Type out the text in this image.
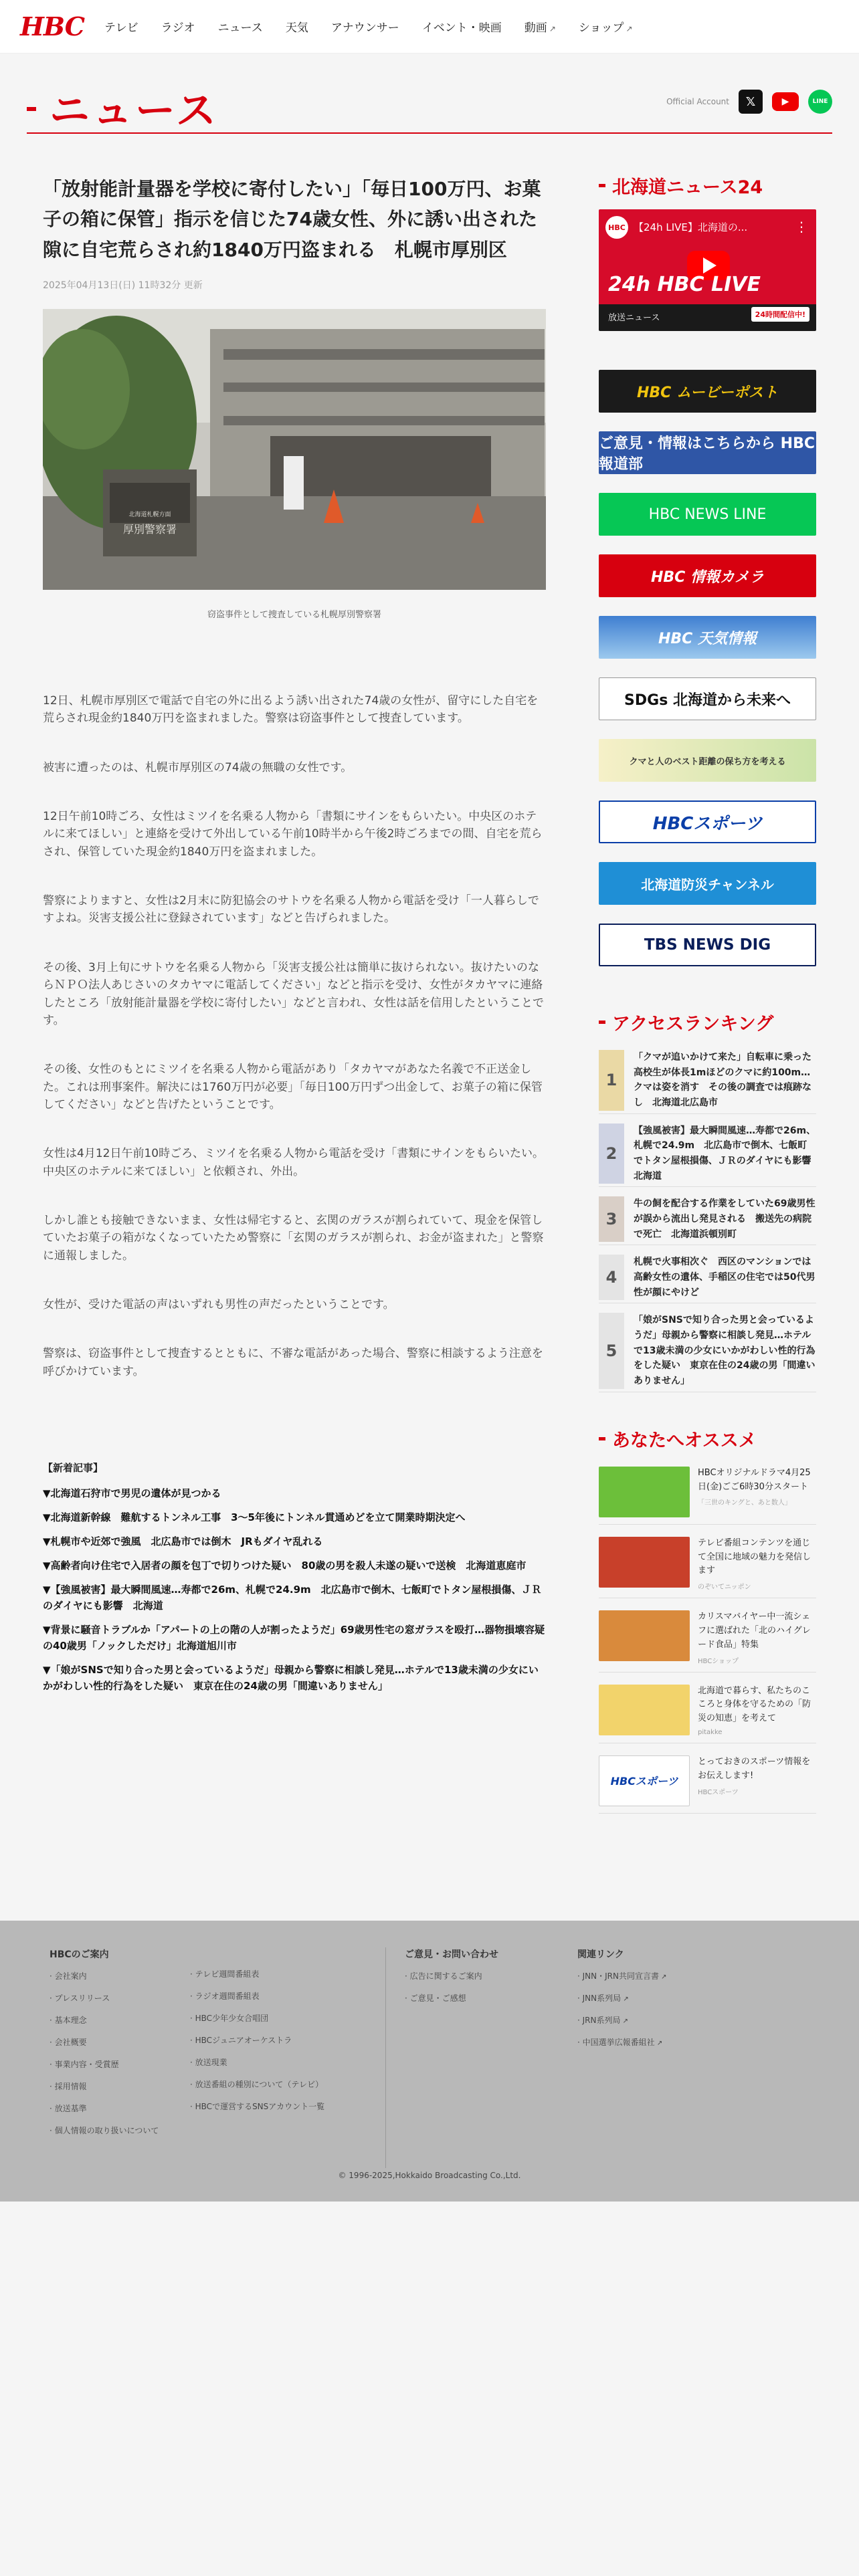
HBC テレビ ラジオ ニュース 天気 アナウンサー イベント・映画 動画 ↗	ショップ ↗
ニュース	Official Account	𝕏	▶	LINE
「放射能計量器を学校に寄付したい」「毎日100万円、お菓子の箱に保管」指示を信じた74歳女性、外に誘い出された隙に自宅荒らされ約1840万円盗まれる　札幌市厚別区
2025年04月13日(日) 11時32分 更新
北海道札幌方面
厚別警察署
窃盗事件として捜査している札幌厚別警察署

12日、札幌市厚別区で電話で自宅の外に出るよう誘い出された74歳の女性が、留守にした自宅を荒らされ現金約1840万円を盗まれました。警察は窃盗事件として捜査しています。

被害に遭ったのは、札幌市厚別区の74歳の無職の女性です。

12日午前10時ごろ、女性はミツイを名乗る人物から「書類にサインをもらいたい。中央区のホテルに来てほしい」と連絡を受けて外出している午前10時半から午後2時ごろまでの間、自宅を荒らされ、保管していた現金約1840万円を盗まれました。

警察によりますと、女性は2月末に防犯協会のサトウを名乗る人物から電話を受け「一人暮らしですよね。災害支援公社に登録されています」などと告げられました。

その後、3月上旬にサトウを名乗る人物から「災害支援公社は簡単に抜けられない。抜けたいのならＮＰＯ法人あじさいのタカヤマに電話してください」などと指示を受け、女性がタカヤマに連絡したところ「放射能計量器を学校に寄付したい」などと言われ、女性は話を信用したということです。

その後、女性のもとにミツイを名乗る人物から電話があり「タカヤマがあなた名義で不正送金した。これは刑事案件。解決には1760万円が必要」「毎日100万円ずつ出金して、お菓子の箱に保管してください」などと告げたということです。

女性は4月12日午前10時ごろ、ミツイを名乗る人物から電話を受け「書類にサインをもらいたい。中央区のホテルに来てほしい」と依頼され、外出。

しかし誰とも接触できないまま、女性は帰宅すると、玄関のガラスが割られていて、現金を保管していたお菓子の箱がなくなっていたため警察に「玄関のガラスが割られ、お金が盗まれた」と警察に通報しました。

女性が、受けた電話の声はいずれも男性の声だったということです。

警察は、窃盗事件として捜査するとともに、不審な電話があった場合、警察に相談するよう注意を呼びかけています。

【新着記事】
▼北海道石狩市で男児の遺体が見つかる
▼北海道新幹線　難航するトンネル工事　3～5年後にトンネル貫通めどを立て開業時期決定へ
▼札幌市や近郊で強風　北広島市では倒木　JRもダイヤ乱れる
▼高齢者向け住宅で入居者の顔を包丁で切りつけた疑い　80歳の男を殺人未遂の疑いで送検　北海道恵庭市
▼【強風被害】最大瞬間風速…寿都で26m、札幌で24.9m　北広島市で倒木、七飯町でトタン屋根損傷、ＪＲのダイヤにも影響　北海道
▼背景に騒音トラブルか「アパートの上の階の人が割ったようだ」69歳男性宅の窓ガラスを殴打…器物損壊容疑の40歳男「ノックしただけ」北海道旭川市
▼「娘がSNSで知り合った男と会っているようだ」母親から警察に相談し発見…ホテルで13歳未満の少女にいかがわしい性的行為をした疑い　東京在住の24歳の男「間違いありません」
北海道ニュース24
HBC 【24h LIVE】北海道の...	⋮
24h HBC LIVE
放送ニュース	24時間配信中!
HBC ムービーポスト
ご意見・情報はこちらから HBC報道部
HBC NEWS LINE
HBC 情報カメラ
HBC 天気情報
SDGs 北海道から未来へ
クマと人のベスト距離の保ち方を考える
HBCスポーツ
北海道防災チャンネル
TBS NEWS DIG
アクセスランキング
1
「クマが追いかけて来た」自転車に乗った高校生が体長1mほどのクマに約100m…クマは姿を消す　その後の調査では痕跡なし　北海道北広島市
2
【強風被害】最大瞬間風速…寿都で26m、札幌で24.9m　北広島市で倒木、七飯町でトタン屋根損傷、ＪＲのダイヤにも影響　北海道
3
牛の飼を配合する作業をしていた69歳男性が誤から流出し発見される　搬送先の病院で死亡　北海道浜頓別町
4
札幌で火事相次ぐ　西区のマンションでは高齢女性の遺体、手稲区の住宅では50代男性が顔にやけど
5
「娘がSNSで知り合った男と会っているようだ」母親から警察に相談し発見…ホテルで13歳未満の少女にいかがわしい性的行為をした疑い　東京在住の24歳の男「間違いありません」
あなたへオススメ
HBCオリジナルドラマ4月25日(金)ごご6時30分スタート
「三世のキングと、あと数人」
テレビ番組コンテンツを通じて全国に地域の魅力を発信します
のぞいてニッポン
カリスマバイヤー中一流シェフに選ばれた「北のハイグレード食品」特集
HBCショップ
北海道で暮らす、私たちのこころと身体を守るための「防災の知恵」を考えて
pitakke
HBCスポーツ
とっておきのスポーツ情報をお伝えします!
HBCスポーツ
HBCのご案内
· 会社案内
· プレスリリース
· 基本理念
· 会社概要
· 事業内容・受賞歴
· 採用情報
· 放送基準
· 個人情報の取り扱いについて
· テレビ週間番組表
· ラジオ週間番組表
· HBC少年少女合唱団
· HBCジュニアオーケストラ
· 放送現業
· 放送番組の種別について（テレビ）
· HBCで運営するSNSアカウント一覧
ご意見・お問い合わせ
· 広告に関するご案内
· ご意見・ご感想
関連リンク
· JNN・JRN共同宣言書 ↗
· JNN系列局 ↗
· JRN系列局 ↗
· 中国選挙広報番組社 ↗
© 1996-2025,Hokkaido Broadcasting Co.,Ltd.
